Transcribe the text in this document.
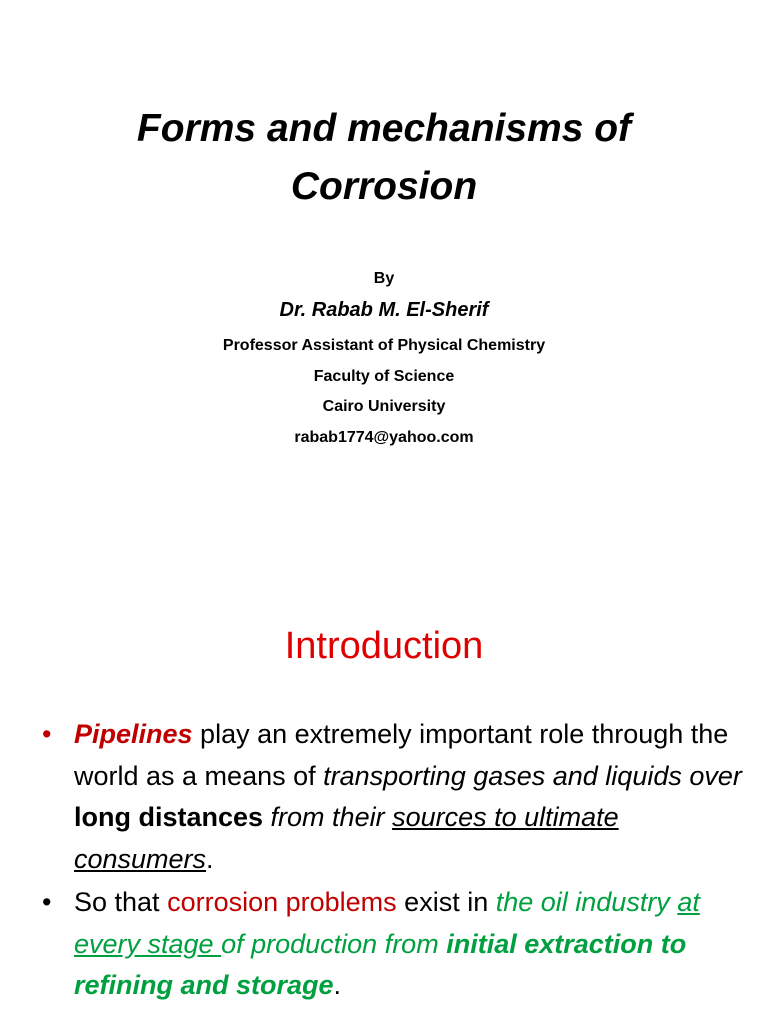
Forms and mechanisms of
Corrosion
By
Dr. Rabab M. El-Sherif
Professor Assistant of Physical Chemistry
Faculty of Science
Cairo University
rabab1774@yahoo.com
Introduction
• Pipelines play an extremely important role through the world as a means of transporting gases and liquids over long distances from their sources to ultimate consumers.
• So that corrosion problems exist in the oil industry at every stage of production from initial extraction to refining and storage.
